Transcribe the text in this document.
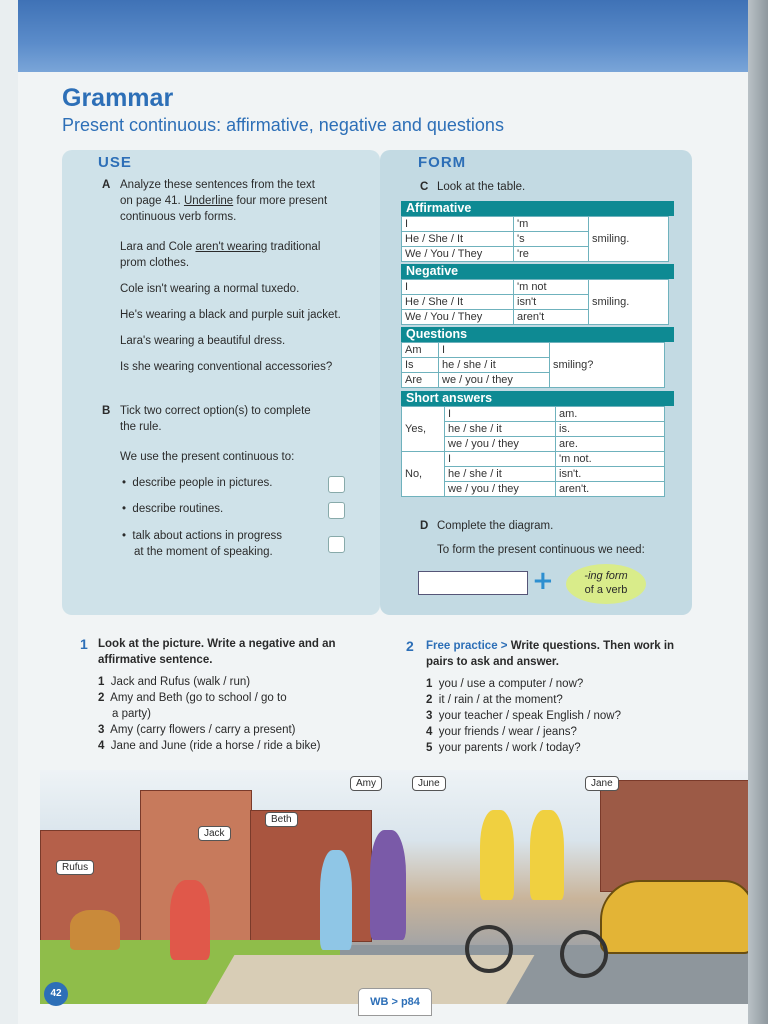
Grammar
Present continuous: affirmative, negative and questions
USE
A Analyze these sentences from the text
on page 41. Underline four more present
continuous verb forms.
Lara and Cole aren't wearing traditional
prom clothes.
Cole isn't wearing a normal tuxedo.
He's wearing a black and purple suit jacket.
Lara's wearing a beautiful dress.
Is she wearing conventional accessories?
B Tick two correct option(s) to complete
the rule.
We use the present continuous to:
•  describe people in pictures.
•  describe routines.
•  talk about actions in progress
at the moment of speaking.
FORM
C Look at the table.
Affirmative
I	'm	smiling.
He / She / It	's	
We / You / They	're	
Negative
I	'm not	smiling.
He / She / It	isn't	
We / You / They	aren't	
Questions
Am	I	smiling?
Is	he / she / it	
Are	we / you / they	
Short answers
Yes,	I	am.
	he / she / it	is.
	we / you / they	are.
No,	I	'm not.
	he / she / it	isn't.
	we / you / they	aren't.
D Complete the diagram.
To form the present continuous we need:
+	-ing form
of a verb
1 Look at the picture. Write a negative and an
affirmative sentence.
1 Jack and Rufus (walk / run)
2 Amy and Beth (go to school / go to
a party)
3 Amy (carry flowers / carry a present)
4 Jane and June (ride a horse / ride a bike)
2 Free practice > Write questions. Then work in
pairs to ask and answer.
1 you / use a computer / now?
2 it / rain / at the moment?
3 your teacher / speak English / now?
4 your friends / wear / jeans?
5 your parents / work / today?
Amy	June	Jane
Beth
Jack
Rufus
42
WB > p84
